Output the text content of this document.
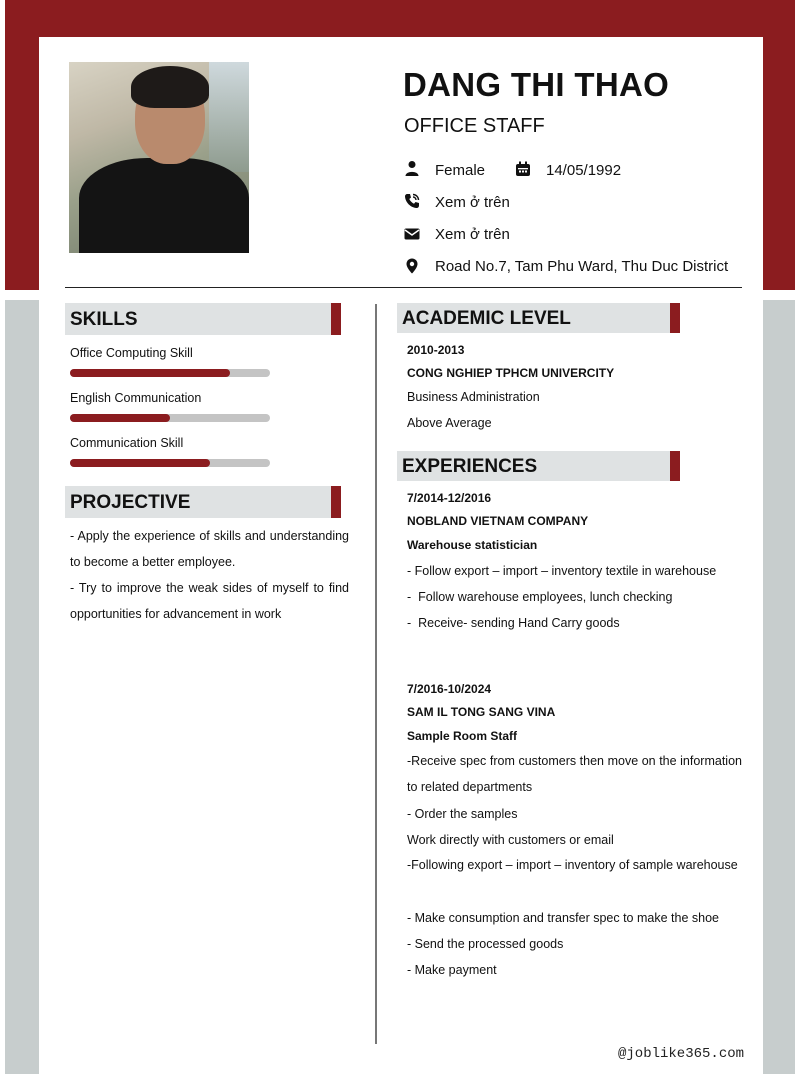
DANG THI THAO
OFFICE STAFF
Female	14/05/1992
Xem ở trên
Xem ở trên
Road No.7, Tam Phu Ward, Thu Duc District
SKILLS
Office Computing Skill
English Communication
Communication Skill
PROJECTIVE
- Apply the experience of skills and understanding to become a better employee.
- Try to improve the weak sides of myself to find opportunities for advancement in work
ACADEMIC LEVEL
2010-2013
CONG NGHIEP TPHCM UNIVERCITY
Business Administration
Above Average
EXPERIENCES
7/2014-12/2016
NOBLAND VIETNAM COMPANY
Warehouse statistician
- Follow export – import – inventory textile in warehouse
-  Follow warehouse employees, lunch checking
-  Receive- sending Hand Carry goods
7/2016-10/2024
SAM IL TONG SANG VINA
Sample Room Staff
-Receive spec from customers then move on the information to related departments
- Order the samples
Work directly with customers or email
-Following export – import – inventory of sample warehouse
- Make consumption and transfer spec to make the shoe
- Send the processed goods
- Make payment
@joblike365.com
